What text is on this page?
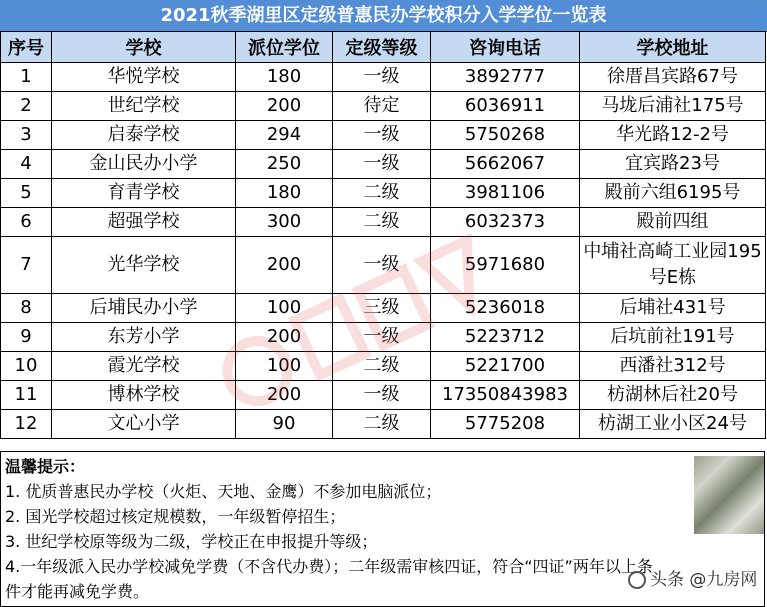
2021秋季湖里区定级普惠民办学校积分入学学位一览表
序号	学校	派位学位	定级等级	咨询电话	学校地址
1	华悦学校	180	一级	3892777	徐厝昌宾路67号
2	世纪学校	200	待定	6036911	马垅后浦社175号
3	启泰学校	294	一级	5750268	华光路12-2号
4	金山民办小学	250	一级	5662067	宜宾路23号
5	育青学校	180	二级	3981106	殿前六组6195号
6	超强学校	300	二级	6032373	殿前四组
7	光华学校	200	一级	5971680	中埔社高崎工业园195号E栋
8	后埔民办小学	100	三级	5236018	后埔社431号
9	东芳小学	200	一级	5223712	后坑前社191号
10	霞光学校	100	二级	5221700	西潘社312号
11	博林学校	200	一级	17350843983	枋湖林后社20号
12	文心小学	90	二级	5775208	枋湖工业小区24号
温馨提示：
1. 优质普惠民办学校（火炬、天地、金鹰）不参加电脑派位；
2. 国光学校超过核定规模数，一年级暂停招生；
3. 世纪学校原等级为二级，学校正在申报提升等级；
4.一年级派入民办学校减免学费（不含代办费）；二年级需审核四证，符合“四证”两年以上条
件才能再减免学费。
头条 @九房网
